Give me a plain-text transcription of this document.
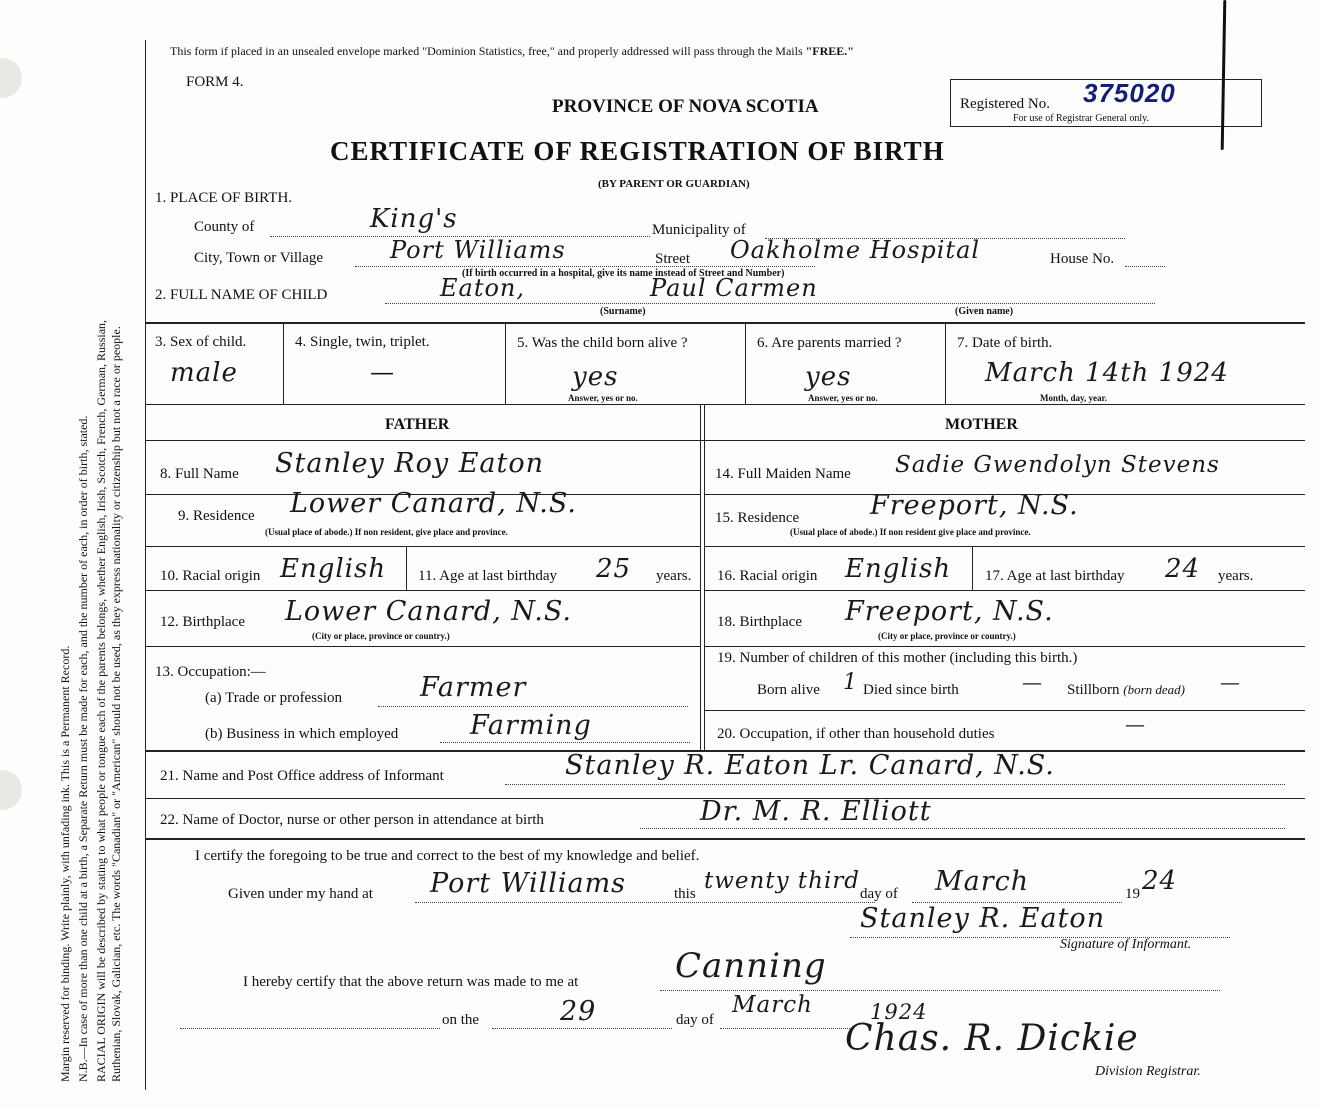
Margin reserved for binding. Write plainly, with unfading ink. This is a Permanent Record. N.B.—In case of more than one child at a birth, a Separate Return must be made for each, and the number of each, in order of birth, stated. RACIAL ORIGIN will be described by stating to what people or tongue each of the parents belongs, whether English, Irish, Scotch, French, German, Russian, Ruthenian, Slovak, Galician, etc. The words "Canadian" or "American" should not be used, as they express nationality or citizenship but not a race or people.
This form if placed in an unsealed envelope marked "Dominion Statistics, free," and properly addressed will pass through the Mails "FREE."
FORM 4.
PROVINCE OF NOVA SCOTIA
CERTIFICATE OF REGISTRATION OF BIRTH
(BY PARENT OR GUARDIAN)
Registered No. 375020
For use of Registrar General only.
1. PLACE OF BIRTH.
County of	King's	Municipality of
City, Town or Village	Port Williams	Street Oakholme Hospital	House No.
(If birth occurred in a hospital, give its name instead of Street and Number)
2. FULL NAME OF CHILD	Eaton,	Paul Carmen
(Surname)	(Given name)
3. Sex of child.
male
4. Single, twin, triplet.
—
5. Was the child born alive ?
yes
Answer, yes or no.
6. Are parents married ?
yes
Answer, yes or no.
7. Date of birth.
March 14th 1924
Month, day, year.
FATHER	MOTHER
8. Full Name Stanley Roy Eaton
9. Residence Lower Canard, N.S.
(Usual place of abode.) If non resident, give place and province.
10. Racial origin English 11. Age at last birthday 25 years.
12. Birthplace Lower Canard, N.S.
(City or place, province or country.)
13. Occupation:—
(a) Trade or profession	Farmer
(b) Business in which employed	Farming
14. Full Maiden Name Sadie Gwendolyn Stevens
15. Residence	Freeport, N.S.
(Usual place of abode.) If non resident give place and province.
16. Racial origin English 17. Age at last birthday 24 years.
18. Birthplace Freeport, N.S.
(City or place, province or country.)
19. Number of children of this mother (including this birth.)
Born alive 1 Died since birth	— Stillborn (born dead) —
20. Occupation, if other than household duties	—
21. Name and Post Office address of Informant	Stanley R. Eaton Lr. Canard, N.S.
22. Name of Doctor, nurse or other person in attendance at birth	Dr. M. R. Elliott
I certify the foregoing to be true and correct to the best of my knowledge and belief.
Given under my hand at Port Williams	this twenty third day of March	19 24
Stanley R. Eaton
Signature of Informant.
I hereby certify that the above return was made to me at	Canning
on the	29	day of
March	1924
Chas. R. Dickie
Division Registrar.
